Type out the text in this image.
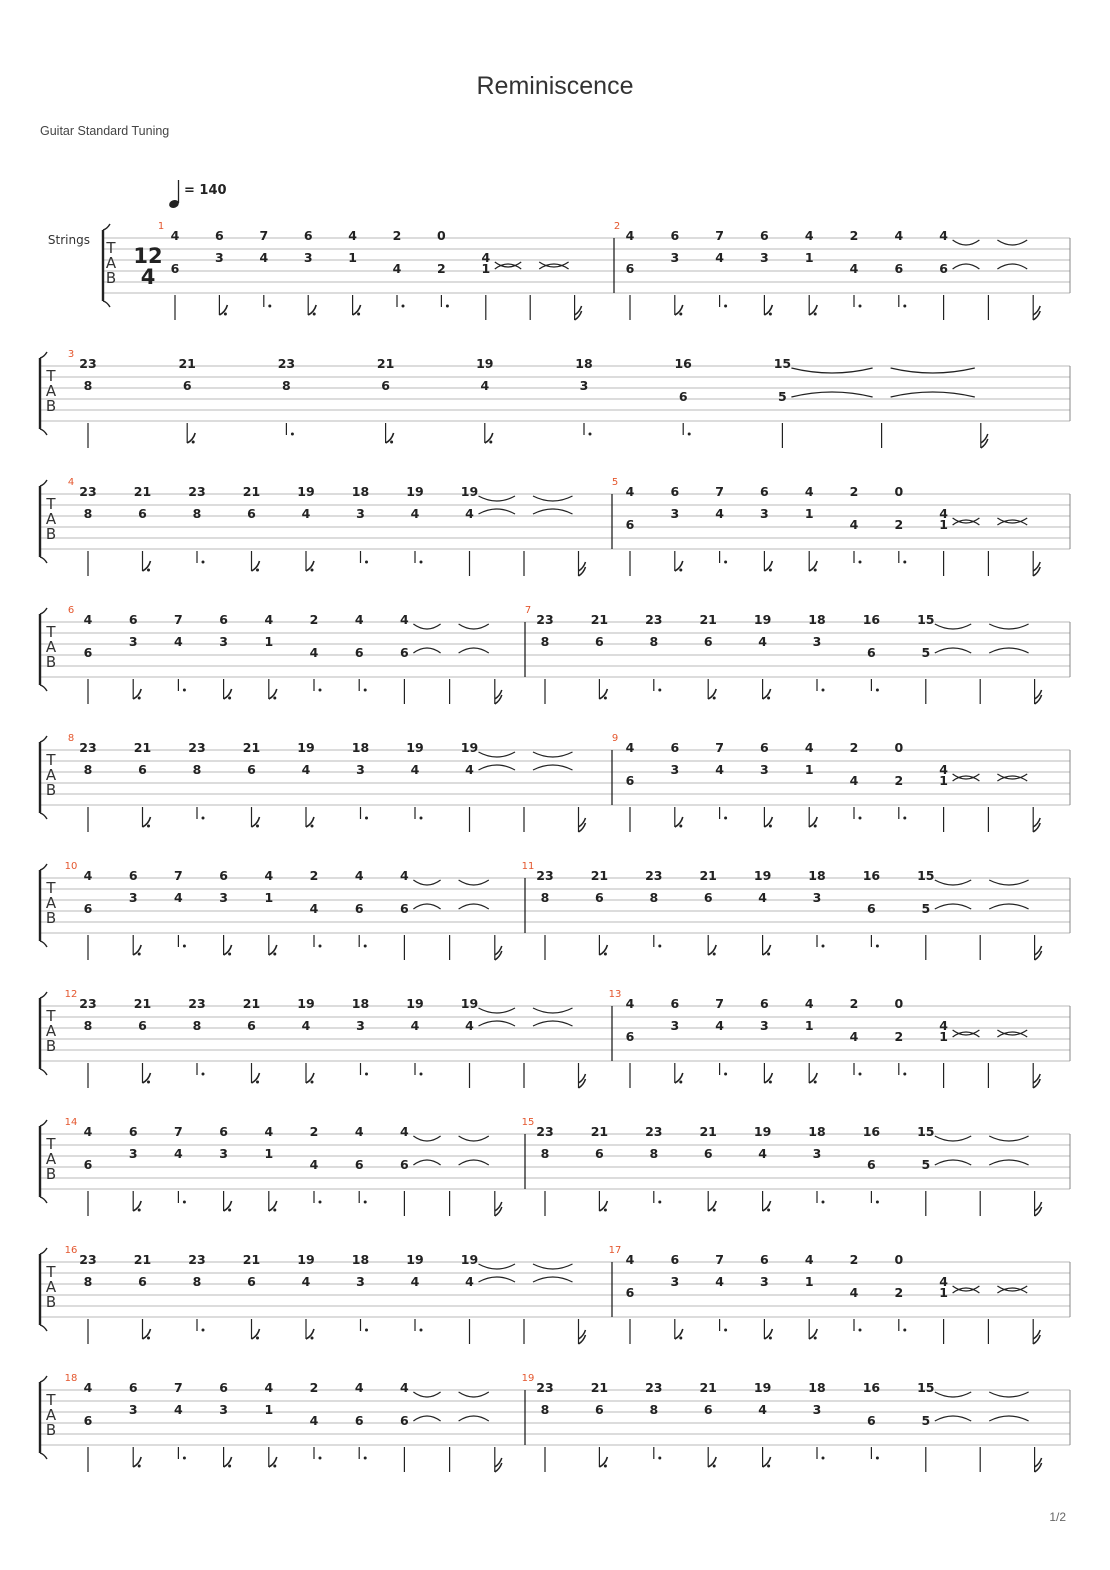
Reminiscence
Guitar Standard Tuning
T
A
B
Strings
12
4
= 140
1
4
6
6
3
7
4
6
3
4
1
2
4
0
2
4
1
2
4
6
6
3
7
4
6
3
4
1
2
4
4
6
4
6
T
A
B
3
23
8
21
6
23
8
21
6
19
4
18
3
16
6
15
5
T
A
B
4
23
8
21
6
23
8
21
6
19
4
18
3
19
4
19
4
5
4
6
6
3
7
4
6
3
4
1
2
4
0
2
4
1
T
A
B
6
4
6
6
3
7
4
6
3
4
1
2
4
4
6
4
6
7
23
8
21
6
23
8
21
6
19
4
18
3
16
6
15
5
T
A
B
8
23
8
21
6
23
8
21
6
19
4
18
3
19
4
19
4
9
4
6
6
3
7
4
6
3
4
1
2
4
0
2
4
1
T
A
B
10
4
6
6
3
7
4
6
3
4
1
2
4
4
6
4
6
11
23
8
21
6
23
8
21
6
19
4
18
3
16
6
15
5
T
A
B
12
23
8
21
6
23
8
21
6
19
4
18
3
19
4
19
4
13
4
6
6
3
7
4
6
3
4
1
2
4
0
2
4
1
T
A
B
14
4
6
6
3
7
4
6
3
4
1
2
4
4
6
4
6
15
23
8
21
6
23
8
21
6
19
4
18
3
16
6
15
5
T
A
B
16
23
8
21
6
23
8
21
6
19
4
18
3
19
4
19
4
17
4
6
6
3
7
4
6
3
4
1
2
4
0
2
4
1
T
A
B
18
4
6
6
3
7
4
6
3
4
1
2
4
4
6
4
6
19
23
8
21
6
23
8
21
6
19
4
18
3
16
6
15
5
1/2
